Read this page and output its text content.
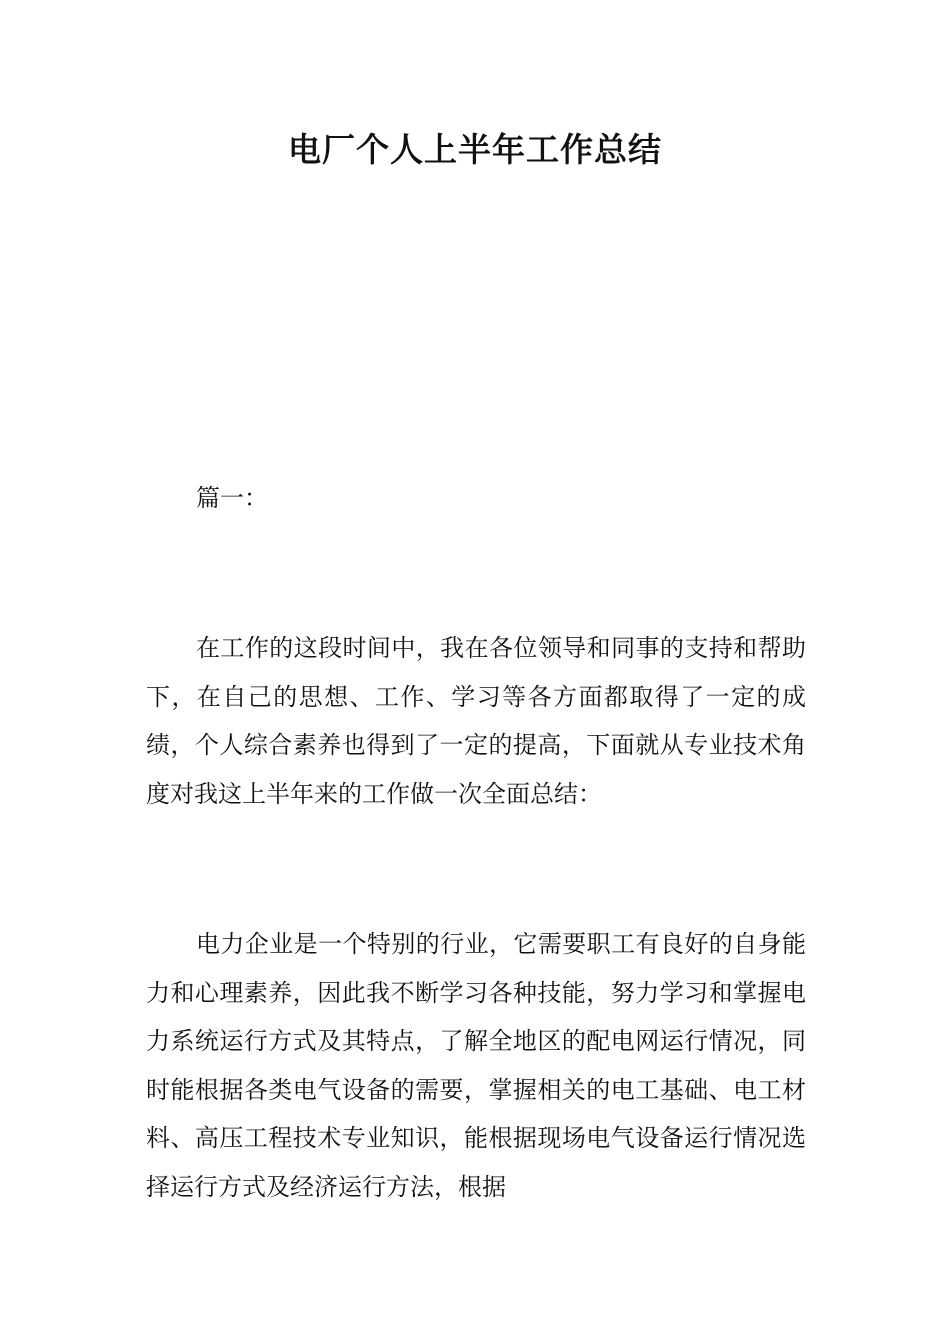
电厂个人上半年工作总结

篇一：

在工作的这段时间中，我在各位领导和同事的支持和帮助下，在自己的思想、工作、学习等各方面都取得了一定的成绩，个人综合素养也得到了一定的提高，下面就从专业技术角度对我这上半年来的工作做一次全面总结：

电力企业是一个特别的行业，它需要职工有良好的自身能力和心理素养，因此我不断学习各种技能，努力学习和掌握电力系统运行方式及其特点，了解全地区的配电网运行情况，同时能根据各类电气设备的需要，掌握相关的电工基础、电工材料、高压工程技术专业知识，能根据现场电气设备运行情况选择运行方式及经济运行方法，根据
